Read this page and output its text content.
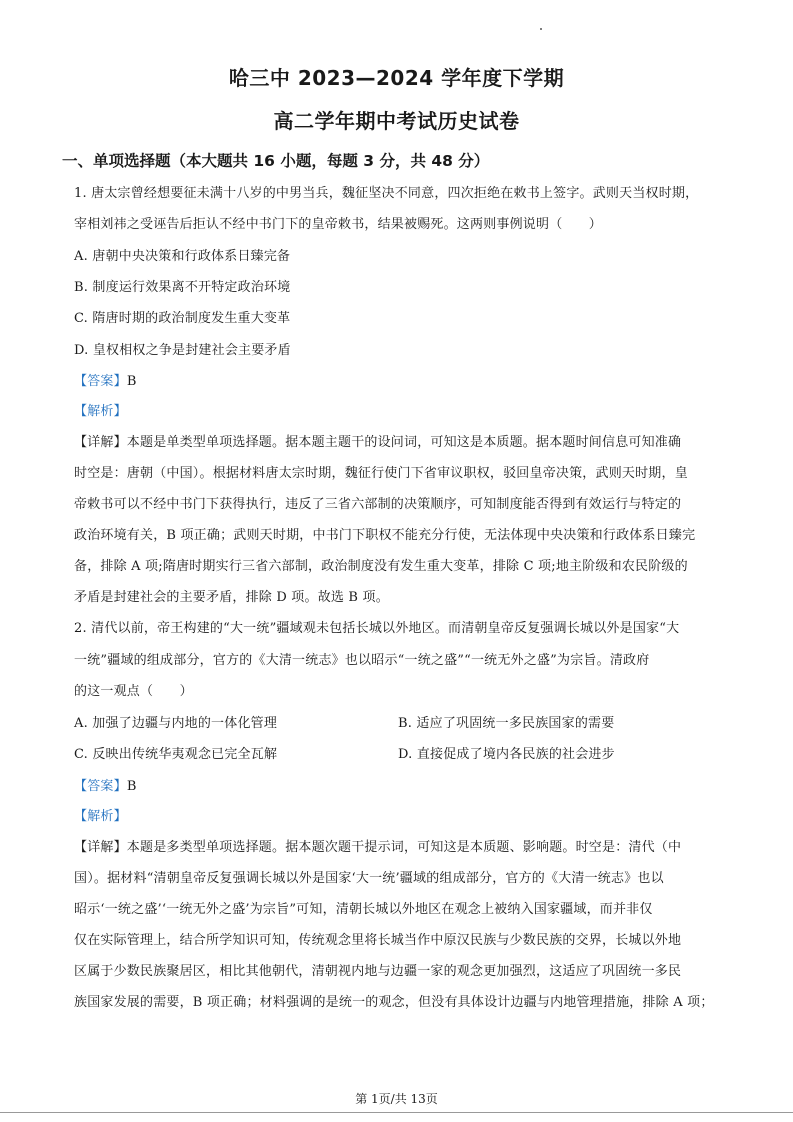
哈三中 2023—2024 学年度下学期
高二学年期中考试历史试卷
一、单项选择题（本大题共 16 小题，每题 3 分，共 48 分）
1. 唐太宗曾经想要征未满十八岁的中男当兵，魏征坚决不同意，四次拒绝在敕书上签字。武则天当权时期，
宰相刘祎之受诬告后拒认不经中书门下的皇帝敕书，结果被赐死。这两则事例说明（　　）
A. 唐朝中央决策和行政体系日臻完备
B. 制度运行效果离不开特定政治环境
C. 隋唐时期的政治制度发生重大变革
D. 皇权相权之争是封建社会主要矛盾
【答案】B
【解析】
【详解】本题是单类型单项选择题。据本题主题干的设问词，可知这是本质题。据本题时间信息可知准确
时空是：唐朝（中国）。根据材料唐太宗时期，魏征行使门下省审议职权，驳回皇帝决策，武则天时期，皇
帝敕书可以不经中书门下获得执行，违反了三省六部制的决策顺序，可知制度能否得到有效运行与特定的
政治环境有关，B 项正确；武则天时期，中书门下职权不能充分行使，无法体现中央决策和行政体系日臻完
备，排除 A 项;隋唐时期实行三省六部制，政治制度没有发生重大变革，排除 C 项;地主阶级和农民阶级的
矛盾是封建社会的主要矛盾，排除 D 项。故选 B 项。
2. 清代以前，帝王构建的“大一统”疆域观未包括长城以外地区。而清朝皇帝反复强调长城以外是国家“大
一统”疆域的组成部分，官方的《大清一统志》也以昭示“一统之盛”“一统无外之盛”为宗旨。清政府
的这一观点（　　）
A. 加强了边疆与内地的一体化管理	B. 适应了巩固统一多民族国家的需要
C. 反映出传统华夷观念已完全瓦解	D. 直接促成了境内各民族的社会进步
【答案】B
【解析】
【详解】本题是多类型单项选择题。据本题次题干提示词，可知这是本质题、影响题。时空是：清代（中
国）。据材料“清朝皇帝反复强调长城以外是国家‘大一统’疆域的组成部分，官方的《大清一统志》也以
昭示‘一统之盛’‘一统无外之盛’为宗旨”可知，清朝长城以外地区在观念上被纳入国家疆域，而并非仅
仅在实际管理上，结合所学知识可知，传统观念里将长城当作中原汉民族与少数民族的交界，长城以外地
区属于少数民族聚居区，相比其他朝代，清朝视内地与边疆一家的观念更加强烈，这适应了巩固统一多民
族国家发展的需要，B 项正确；材料强调的是统一的观念，但没有具体设计边疆与内地管理措施，排除 A 项；
第 1页/共 13页
